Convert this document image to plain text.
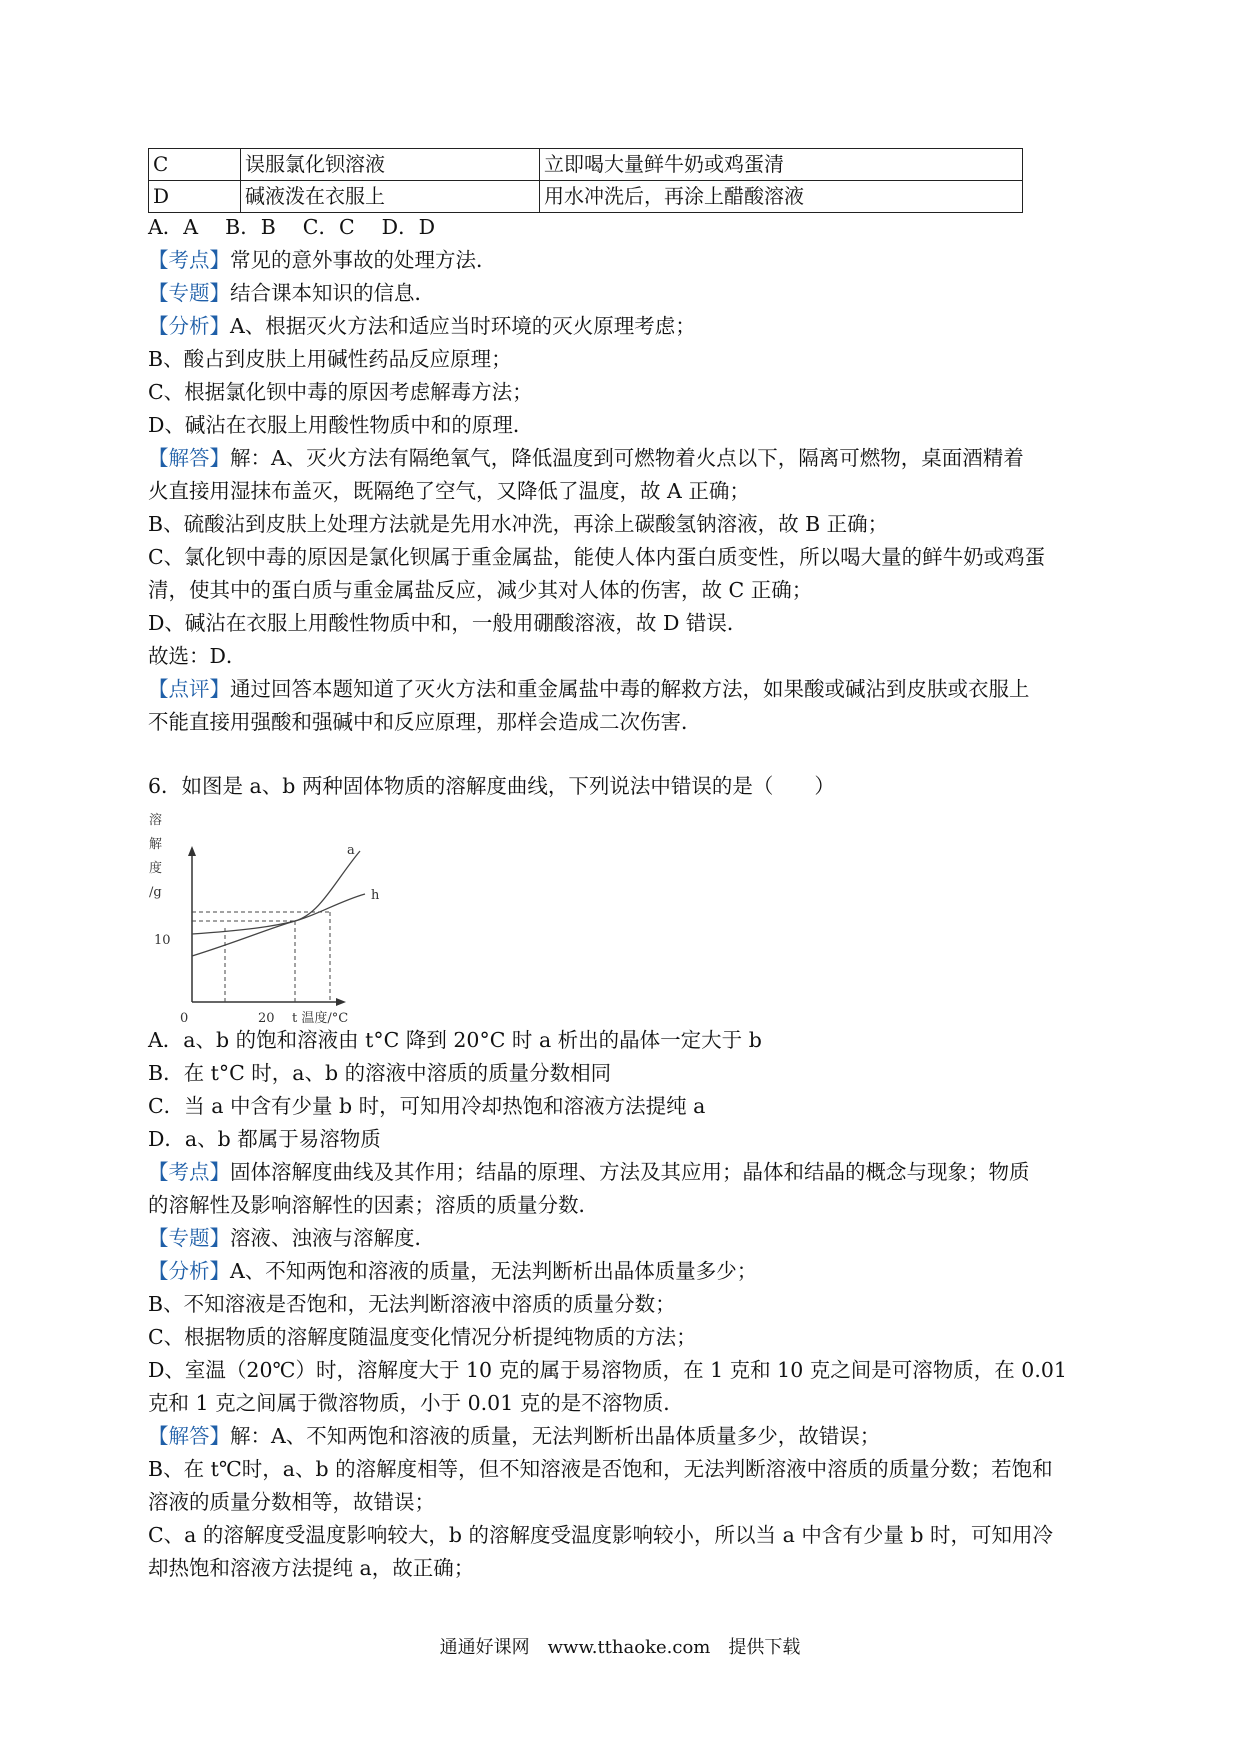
C	误服氯化钡溶液	立即喝大量鲜牛奶或鸡蛋清
D	碱液泼在衣服上	用水冲洗后，再涂上醋酸溶液
A．A　 B．B　 C．C　 D．D
【考点】常见的意外事故的处理方法．
【专题】结合课本知识的信息．
【分析】A、根据灭火方法和适应当时环境的灭火原理考虑；
B、酸占到皮肤上用碱性药品反应原理；
C、根据氯化钡中毒的原因考虑解毒方法；
D、碱沾在衣服上用酸性物质中和的原理．
【解答】解：A、灭火方法有隔绝氧气，降低温度到可燃物着火点以下，隔离可燃物，桌面酒精着
火直接用湿抹布盖灭，既隔绝了空气，又降低了温度，故 A 正确；
B、硫酸沾到皮肤上处理方法就是先用水冲洗，再涂上碳酸氢钠溶液，故 B 正确；
C、氯化钡中毒的原因是氯化钡属于重金属盐，能使人体内蛋白质变性，所以喝大量的鲜牛奶或鸡蛋
清，使其中的蛋白质与重金属盐反应，减少其对人体的伤害，故 C 正确；
D、碱沾在衣服上用酸性物质中和，一般用硼酸溶液，故 D 错误．
故选：D．
【点评】通过回答本题知道了灭火方法和重金属盐中毒的解救方法，如果酸或碱沾到皮肤或衣服上
不能直接用强酸和强碱中和反应原理，那样会造成二次伤害．
6．如图是 a、b 两种固体物质的溶解度曲线，下列说法中错误的是（　　）
溶
解
度
/g
a
h
10
0	20 t 温度/°C
A．a、b 的饱和溶液由 t°C 降到 20°C 时 a 析出的晶体一定大于 b
B．在 t°C 时，a、b 的溶液中溶质的质量分数相同
C．当 a 中含有少量 b 时，可知用冷却热饱和溶液方法提纯 a
D．a、b 都属于易溶物质
【考点】固体溶解度曲线及其作用；结晶的原理、方法及其应用；晶体和结晶的概念与现象；物质
的溶解性及影响溶解性的因素；溶质的质量分数．
【专题】溶液、浊液与溶解度．
【分析】A、不知两饱和溶液的质量，无法判断析出晶体质量多少；
B、不知溶液是否饱和，无法判断溶液中溶质的质量分数；
C、根据物质的溶解度随温度变化情况分析提纯物质的方法；
D、室温（20℃）时，溶解度大于 10 克的属于易溶物质，在 1 克和 10 克之间是可溶物质，在 0.01
克和 1 克之间属于微溶物质，小于 0.01 克的是不溶物质．
【解答】解：A、不知两饱和溶液的质量，无法判断析出晶体质量多少，故错误；
B、在 t℃时，a、b 的溶解度相等，但不知溶液是否饱和，无法判断溶液中溶质的质量分数；若饱和
溶液的质量分数相等，故错误；
C、a 的溶解度受温度影响较大，b 的溶解度受温度影响较小，所以当 a 中含有少量 b 时，可知用冷
却热饱和溶液方法提纯 a，故正确；
通通好课网　www.tthaoke.com　提供下载
